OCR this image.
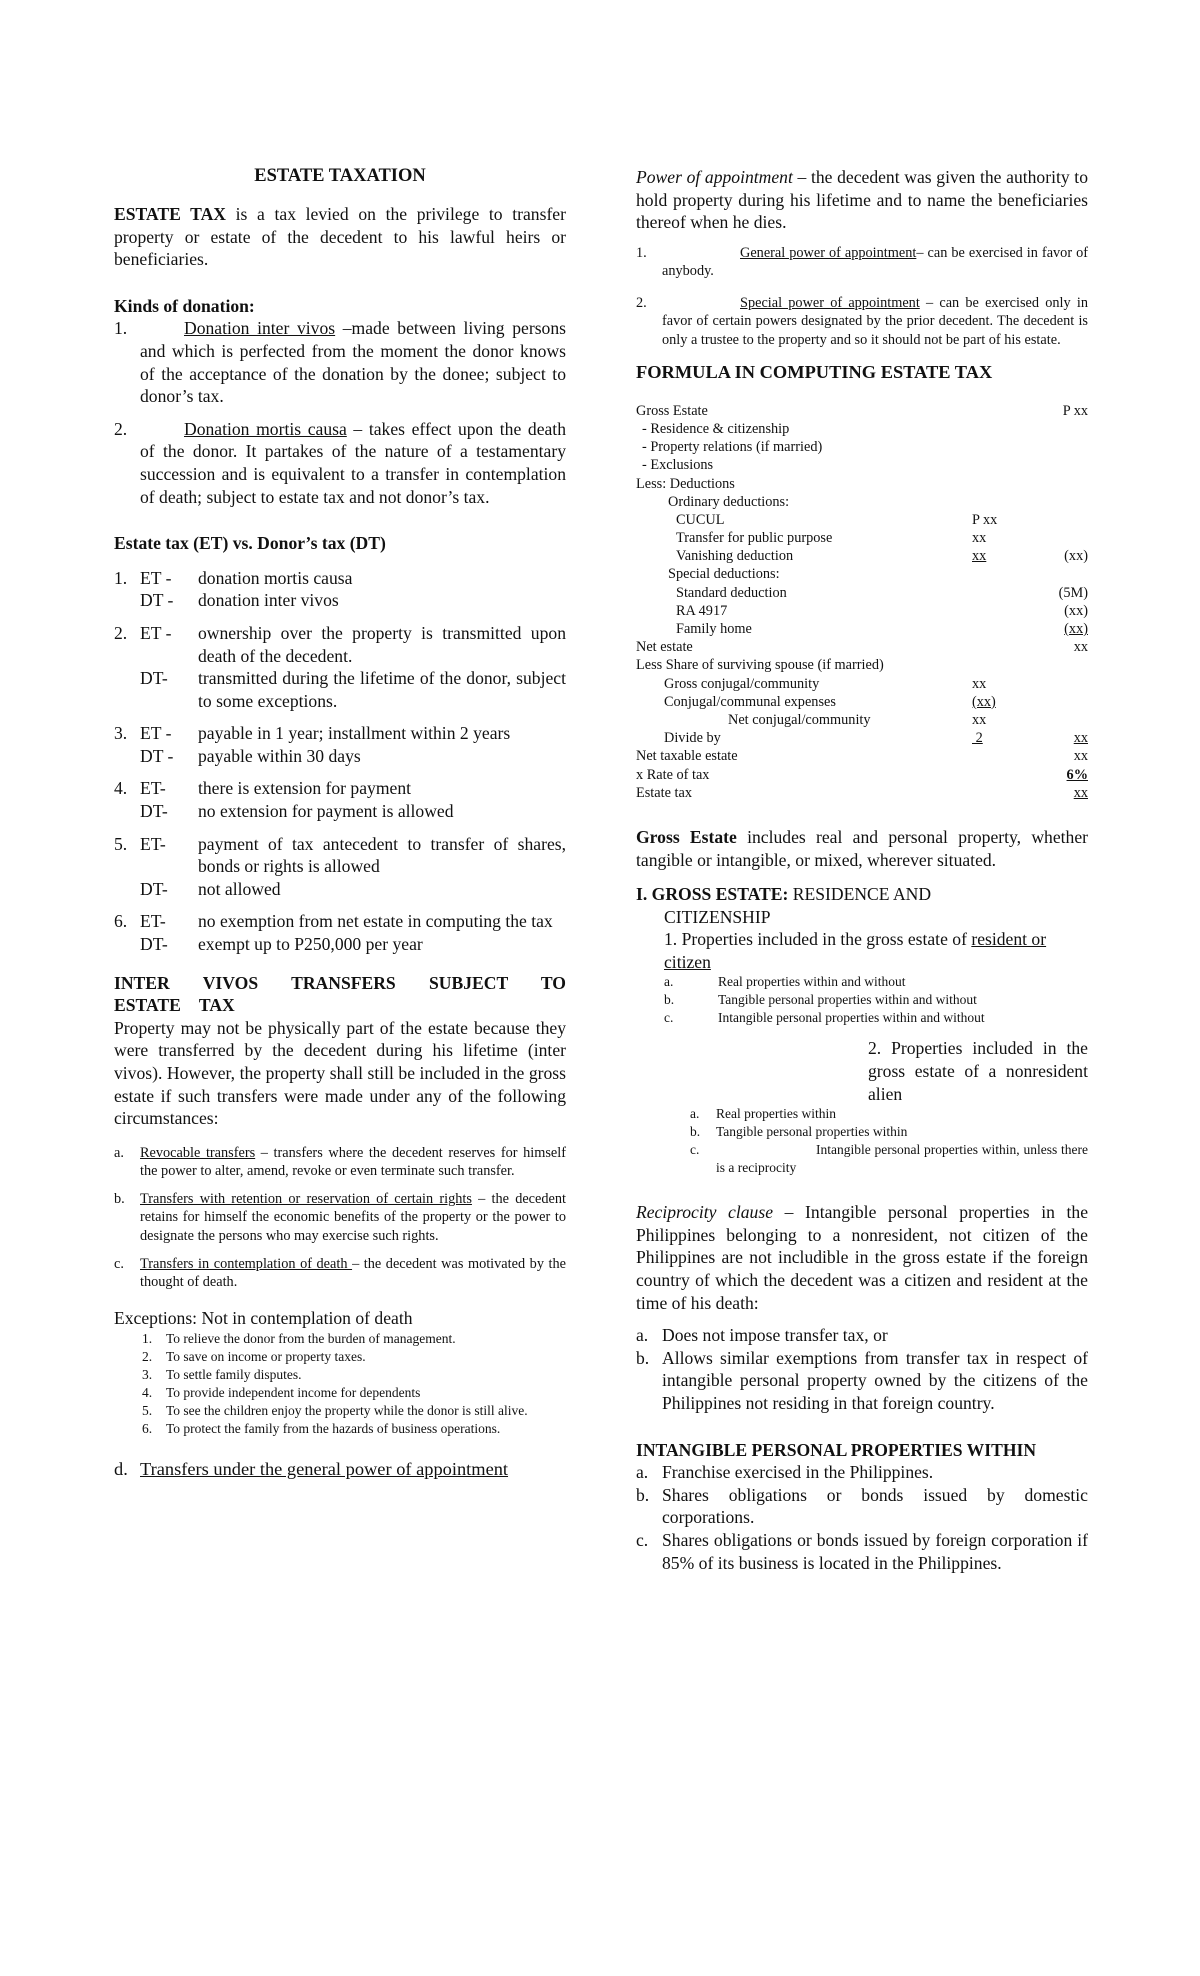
ESTATE TAXATION

ESTATE TAX is a tax levied on the privilege to transfer property or estate of the decedent to his lawful heirs or beneficiaries.

Kinds of donation:

1.	Donation inter vivos –made between living persons and which is perfected from the moment the donor knows of the acceptance of the donation by the donee; subject to donor’s tax.
2.	Donation mortis causa – takes effect upon the death of the donor. It partakes of the nature of a testamentary succession and is equivalent to a transfer in contemplation of death; subject to estate tax and not donor’s tax.

Estate tax (ET) vs. Donor’s tax (DT)

1. ET -	donation mortis causa
DT -	donation inter vivos
2. ET -	ownership over the property is transmitted upon death of the decedent.
DT-	transmitted during the lifetime of the donor, subject to some exceptions.
3. ET -	payable in 1 year; installment within 2 years
DT -	payable within 30 days
4. ET-	there is extension for payment
DT-	no extension for payment is allowed
5. ET-	payment of tax antecedent to transfer of shares, bonds or rights is allowed
DT-	not allowed
6. ET-	no exemption from net estate in computing the tax
DT-	exempt up to P250,000 per year

INTER VIVOS TRANSFERS SUBJECT TO ESTATE TAX

Property may not be physically part of the estate because they were transferred by the decedent during his lifetime (inter vivos). However, the property shall still be included in the gross estate if such transfers were made under any of the following circumstances:

a.	Revocable transfers – transfers where the decedent reserves for himself the power to alter, amend, revoke or even terminate such transfer.
b.	Transfers with retention or reservation of certain rights – the decedent retains for himself the economic benefits of the property or the power to designate the persons who may exercise such rights.
c.	Transfers in contemplation of death – the decedent was motivated by the thought of death.

Exceptions: Not in contemplation of death

1.	To relieve the donor from the burden of management.
2.	To save on income or property taxes.
3.	To settle family disputes.
4.	To provide independent income for dependents
5.	To see the children enjoy the property while the donor is still alive.
6.	To protect the family from the hazards of business operations.
d. Transfers under the general power of appointment

Power of appointment – the decedent was given the authority to hold property during his lifetime and to name the beneficiaries thereof when he dies.

1.	General power of appointment– can be exercised in favor of anybody.
2.	Special power of appointment – can be exercised only in favor of certain powers designated by the prior decedent. The decedent is only a trustee to the property and so it should not be part of his estate.

FORMULA IN COMPUTING ESTATE TAX

Gross Estate	P xx
- Residence & citizenship
- Property relations (if married)
- Exclusions
Less: Deductions
Ordinary deductions:
CUCUL	P xx
Transfer for public purpose	xx
Vanishing deduction	xx	(xx)
Special deductions:
Standard deduction	(5M)
RA 4917	(xx)
Family home	(xx)
Net estate	xx
Less Share of surviving spouse (if married)
Gross conjugal/community	xx
Conjugal/communal expenses	(xx)
Net conjugal/community	xx
Divide by	2	xx
Net taxable estate	xx
x Rate of tax	6%
Estate tax	xx

Gross Estate includes real and personal property, whether tangible or intangible, or mixed, wherever situated.

I. GROSS ESTATE: RESIDENCE AND

CITIZENSHIP

1. Properties included in the gross estate of resident or citizen

a.	Real properties within and without
b.	Tangible personal properties within and without
c.	Intangible personal properties within and without

2. Properties included in the gross estate of a nonresident alien

a.	Real properties within
b.	Tangible personal properties within
c.	Intangible personal properties within, unless there is a reciprocity

Reciprocity clause – Intangible personal properties in the Philippines belonging to a nonresident, not citizen of the Philippines are not includible in the gross estate if the foreign country of which the decedent was a citizen and resident at the time of his death:

a. Does not impose transfer tax, or
b. Allows similar exemptions from transfer tax in respect of intangible personal property owned by the citizens of the Philippines not residing in that foreign country.

INTANGIBLE PERSONAL PROPERTIES WITHIN

a. Franchise exercised in the Philippines.
b. Shares obligations or bonds issued by domestic corporations.
c. Shares obligations or bonds issued by foreign corporation if 85% of its business is located in the Philippines.
